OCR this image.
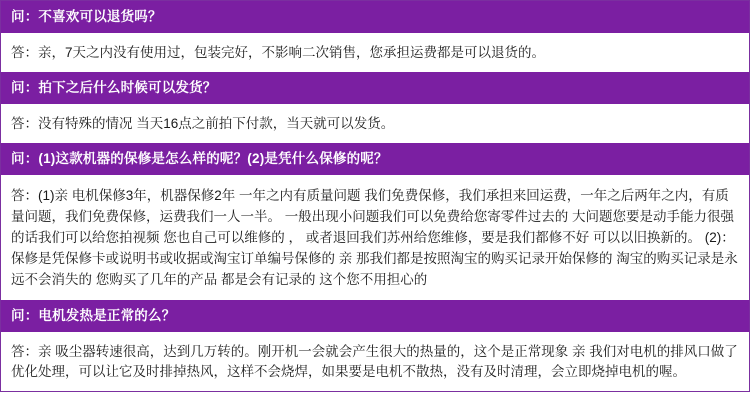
问：不喜欢可以退货吗？
答：亲，7天之内没有使用过，包装完好，不影响二次销售，您承担运费都是可以退货的。
问：拍下之后什么时候可以发货？
答：没有特殊的情况 当天16点之前拍下付款，当天就可以发货。
问：(1)这款机器的保修是怎么样的呢？(2)是凭什么保修的呢？
答：(1)亲 电机保修3年，机器保修2年 一年之内有质量问题 我们免费保修，我们承担来回运费，一年之后两年之内，有质量问题，我们免费保修，运费我们一人一半。 一般出现小问题我们可以免费给您寄零件过去的 大问题您要是动手能力很强的话我们可以给您拍视频 您也自己可以维修的 ， 或者退回我们苏州给您维修，要是我们都修不好 可以以旧换新的。 (2)：保修是凭保修卡或说明书或收据或淘宝订单编号保修的 亲 那我们都是按照淘宝的购买记录开始保修的 淘宝的购买记录是永远不会消失的 您购买了几年的产品 都是会有记录的 这个您不用担心的
问：电机发热是正常的么？
答：亲 吸尘器转速很高，达到几万转的。刚开机一会就会产生很大的热量的，这个是正常现象 亲 我们对电机的排风口做了优化处理，可以让它及时排掉热风，这样不会烧焊，如果要是电机不散热，没有及时清理，会立即烧掉电机的喔。
